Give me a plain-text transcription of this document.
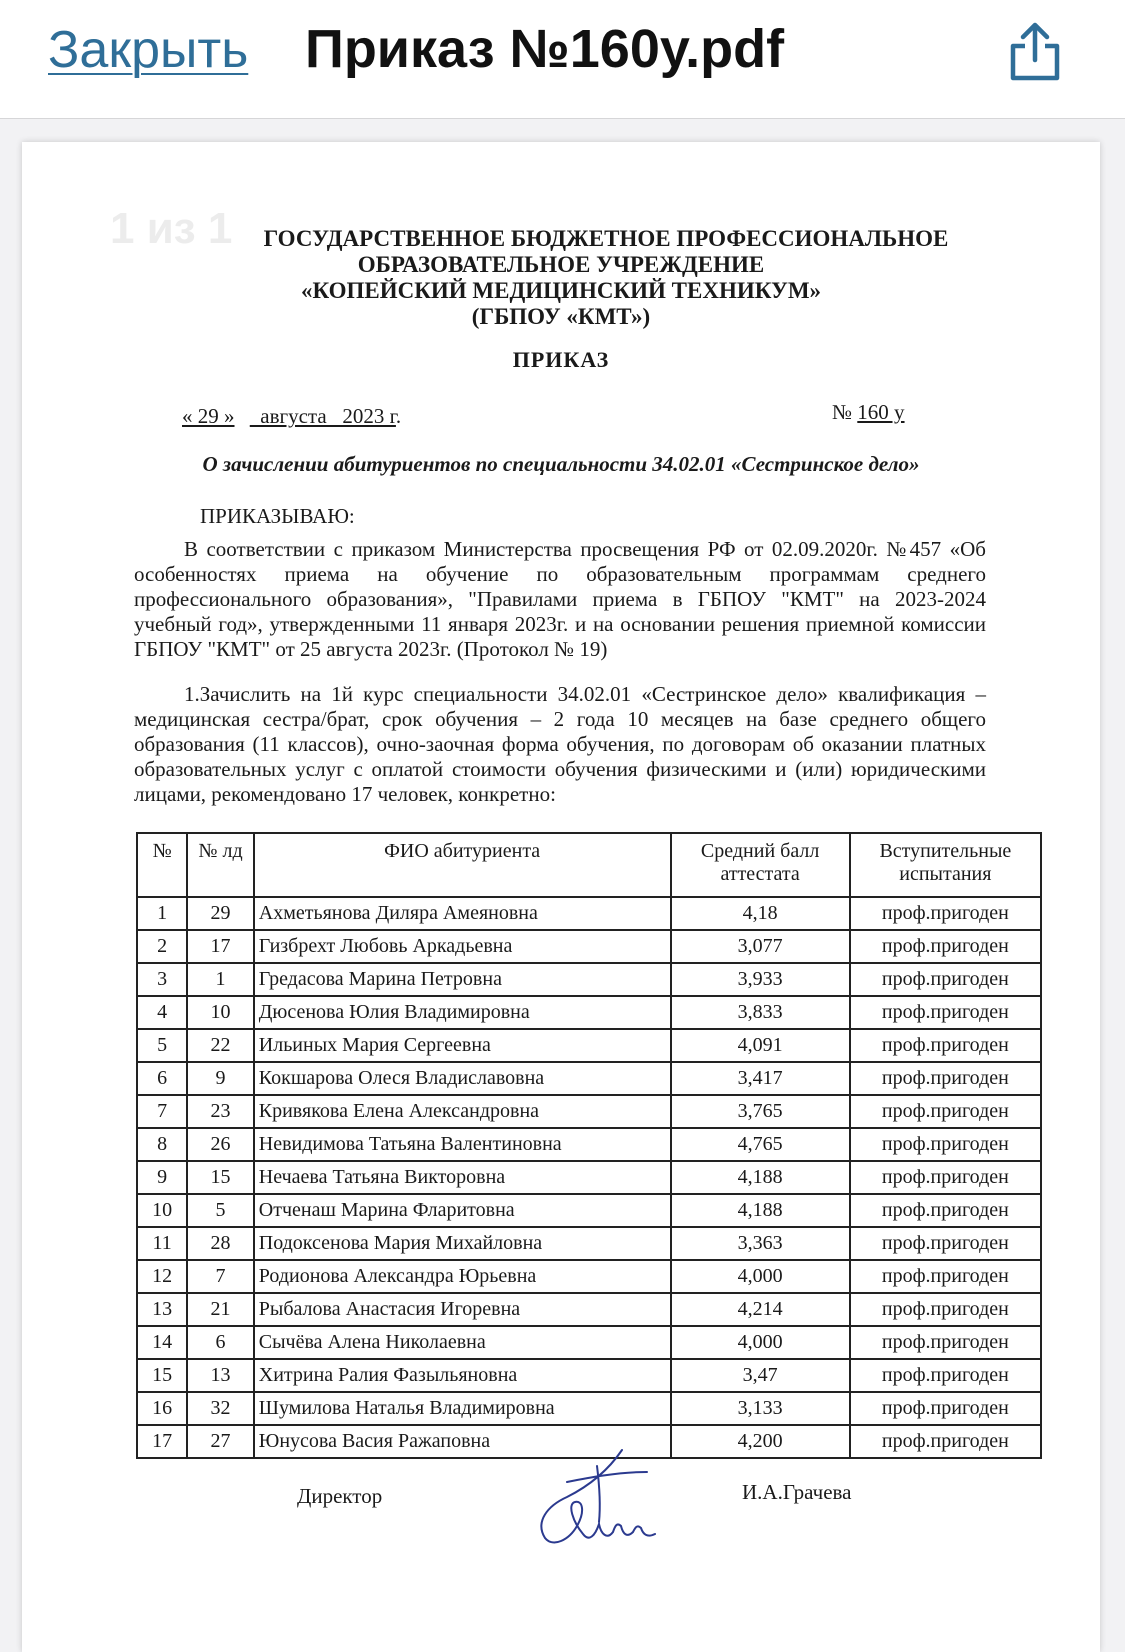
Закрыть Приказ №160у.pdf
1 из 1	ГОСУДАРСТВЕННОЕ БЮДЖЕТНОЕ ПРОФЕССИОНАЛЬНОЕ
ОБРАЗОВАТЕЛЬНОЕ УЧРЕЖДЕНИЕ
«КОПЕЙСКИЙ МЕДИЦИНСКИЙ ТЕХНИКУМ»
(ГБПОУ «КМТ»)
ПРИКАЗ
« 29 »   августа   2023 г.	№ 160 у
О зачислении абитуриентов по специальности 34.02.01 «Сестринское дело»
ПРИКАЗЫВАЮ:
В соответствии с приказом Министерства просвещения РФ от 02.09.2020г. №457 «Об особенностях приема на обучение по образовательным программам среднего профессионального образования», "Правилами приема в ГБПОУ "КМТ" на 2023-2024 учебный год», утвержденными 11 января 2023г. и на основании решения приемной комиссии ГБПОУ "КМТ" от 25 августа 2023г. (Протокол № 19)
1.Зачислить на 1й курс специальности 34.02.01 «Сестринское дело» квалификация – медицинская сестра/брат, срок обучения – 2 года 10 месяцев на базе среднего общего образования (11 классов), очно-заочная форма обучения, по договорам об оказании платных образовательных услуг с оплатой стоимости обучения физическими и (или) юридическими лицами, рекомендовано 17 человек, конкретно:
№	№ лд	ФИО абитуриента	Средний балл аттестата	Вступительные испытания
1	29	Ахметьянова Диляра Амеяновна	4,18	проф.пригоден
2	17	Гизбрехт Любовь Аркадьевна	3,077	проф.пригоден
3	1	Гредасова Марина Петровна	3,933	проф.пригоден
4	10	Дюсенова Юлия Владимировна	3,833	проф.пригоден
5	22	Ильиных Мария Сергеевна	4,091	проф.пригоден
6	9	Кокшарова Олеся Владиславовна	3,417	проф.пригоден
7	23	Кривякова Елена Александровна	3,765	проф.пригоден
8	26	Невидимова Татьяна Валентиновна	4,765	проф.пригоден
9	15	Нечаева Татьяна Викторовна	4,188	проф.пригоден
10	5	Отченаш Марина Фларитовна	4,188	проф.пригоден
11	28	Подоксенова Мария Михайловна	3,363	проф.пригоден
12	7	Родионова Александра Юрьевна	4,000	проф.пригоден
13	21	Рыбалова Анастасия Игоревна	4,214	проф.пригоден
14	6	Сычёва Алена Николаевна	4,000	проф.пригоден
15	13	Хитрина Ралия Фазыльяновна	3,47	проф.пригоден
16	32	Шумилова Наталья Владимировна	3,133	проф.пригоден
17	27	Юнусова Васия Ражаповна	4,200	проф.пригоден
Директор	И.А.Грачева
